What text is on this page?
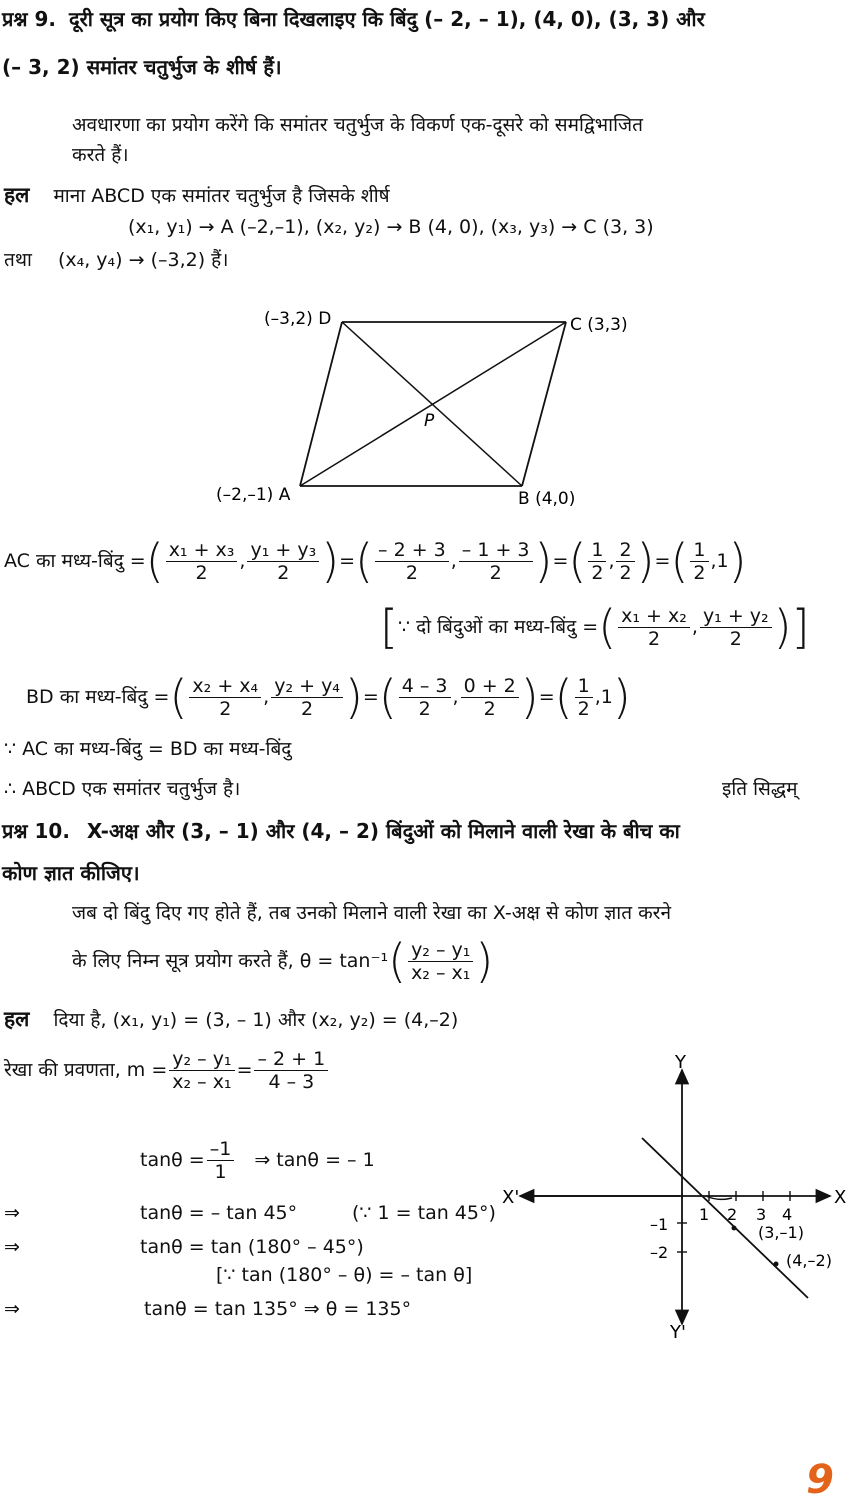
प्रश्न 9. दूरी सूत्र का प्रयोग किए बिना दिखलाइए कि बिंदु (– 2, – 1), (4, 0), (3, 3) और
(– 3, 2) समांतर चतुर्भुज के शीर्ष हैं।
अवधारणा का प्रयोग करेंगे कि समांतर चतुर्भुज के विकर्ण एक-दूसरे को समद्विभाजित
करते हैं।
हल माना ABCD एक समांतर चतुर्भुज है जिसके शीर्ष
(x₁, y₁) → A (–2,–1), (x₂, y₂) → B (4, 0), (x₃, y₃) → C (3, 3)
तथा (x₄, y₄) → (–3,2) हैं।
(–3,2) D	C (3,3)
P
(–2,–1) A	B (4,0)
AC का मध्य-बिंदु = ( $\frac{\text{x₁ + x₃}}{2}$ , $\frac{\text{y₁ + y₃}}{2}$ ) = ( $\frac{- 2 + 3}{2}$ , $\frac{- 1 + 3}{2}$ ) = ( $\frac{1}{2}$ , $\frac{2}{2}$ ) = ( $\frac{1}{2}$ , 1 )
[ ∵ दो बिंदुओं का मध्य-बिंदु = ( $\frac{\text{x₁ + x₂}}{2}$ , $\frac{\text{y₁ + y₂}}{2}$ )]
BD का मध्य-बिंदु = ( $\frac{\text{x₂ + x₄}}{2}$ , $\frac{\text{y₂ + y₄}}{2}$ ) = ( $\frac{4 - 3}{2}$ , $\frac{0 + 2}{2}$ ) = ( $\frac{1}{2}$ , 1 )
∵ AC का मध्य-बिंदु = BD का मध्य-बिंदु
∴ ABCD एक समांतर चतुर्भुज है।	इति सिद्धम्
प्रश्न 10. X-अक्ष और (3, – 1) और (4, – 2) बिंदुओं को मिलाने वाली रेखा के बीच का
कोण ज्ञात कीजिए।
जब दो बिंदु दिए गए होते हैं, तब उनको मिलाने वाली रेखा का X-अक्ष से कोण ज्ञात करने
के लिए निम्न सूत्र प्रयोग करते हैं, θ = tan⁻¹ ( $\frac{\text{y₂ – y₁}}{\text{x₂ – x₁}}$ )
हल दिया है, (x₁, y₁) = (3, – 1) और (x₂, y₂) = (4,–2)
रेखा की प्रवणता, $m = \frac{\text{y₂ – y₁}}{\text{x₂ – x₁}} = \frac{- 2 + 1}{4 - 3}$
$\tan\theta = \frac{-1}{1}$ ⇒ tanθ = – 1
⇒	tanθ = – tan 45°	(∵ 1 = tan 45°)
⇒	tanθ = tan (180° – 45°)
[∵ tan (180° – θ) = – tan θ]
⇒	tanθ = tan 135° ⇒ θ = 135°
Y
X
X'
Y'
1 2 3 4
–1
–2
(3,–1)
(4,–2)
9
